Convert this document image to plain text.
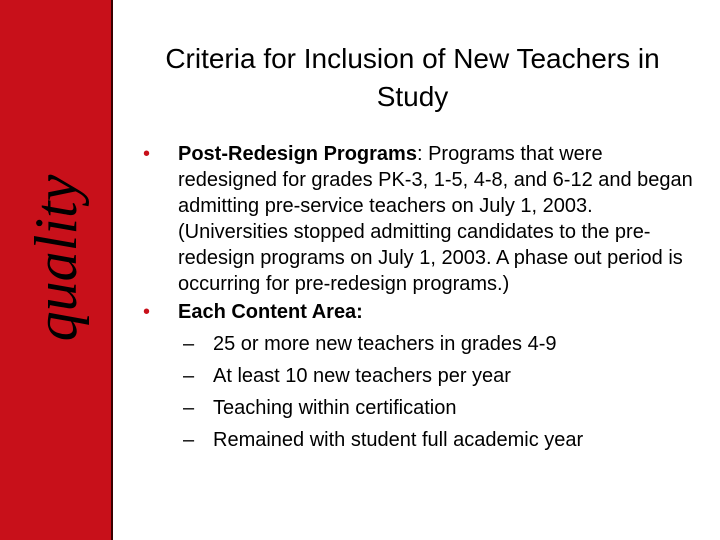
quality
Criteria for Inclusion of New Teachers in Study
• Post-Redesign Programs: Programs that were redesigned for grades PK-3, 1-5, 4-8, and 6-12 and began admitting pre-service teachers on July 1, 2003. (Universities stopped admitting candidates to the pre-redesign programs on July 1, 2003. A phase out period is occurring for pre-redesign programs.)
• Each Content Area:
– 25 or more new teachers in grades 4-9
– At least 10 new teachers per year
– Teaching within certification
– Remained with student full academic year
